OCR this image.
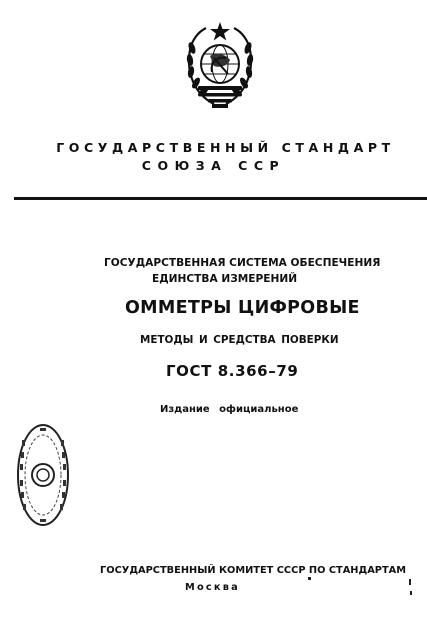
ГОСУДАРСТВЕННЫЙ СТАНДАРТ
СОЮЗА ССР
ГОСУДАРСТВЕННАЯ СИСТЕМА ОБЕСПЕЧЕНИЯ
ЕДИНСТВА ИЗМЕРЕНИЙ
ОММЕТРЫ ЦИФРОВЫЕ
МЕТОДЫ И СРЕДСТВА ПОВЕРКИ
ГОСТ 8.366–79
Издание официальное
ГОСУДАРСТВЕННЫЙ КОМИТЕТ СССР ПО СТАНДАРТАМ
Москва
